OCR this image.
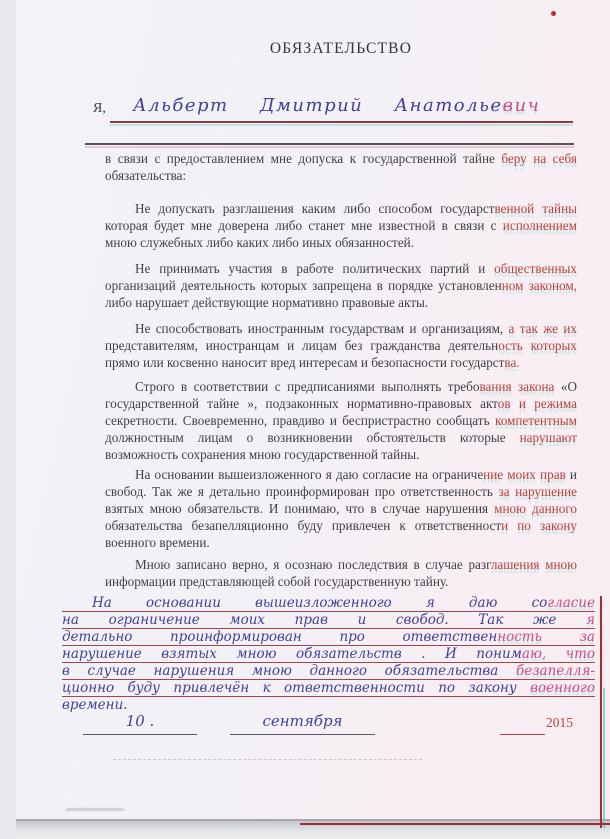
ОБЯЗАТЕЛЬСТВО
Я, Альберт Дмитрий Анатольевич
в связи с предоставлением мне допуска к государственной тайне беру на себя обязательства:
Не допускать разглашения каким либо способом государственной тайны которая будет мне доверена либо станет мне известной в связи с исполнением мною служебных либо каких либо иных обязанностей.
Не принимать участия в работе политических партий и общественных организаций деятельность которых запрещена в порядке установленном законом, либо нарушает действующие нормативно правовые акты.
Не способствовать иностранным государствам и организациям, а так же их представителям, иностранцам и лицам без гражданства деятельность которых прямо или косвенно наносит вред интересам и безопасности государства.
Строго в соответствии с предписаниями выполнять требования закона «О государственной тайне », подзаконных нормативно-правовых актов и режима секретности. Своевременно, правдиво и беспристрастно сообщать компетентным должностным лицам о возникновении обстоятельств которые нарушают возможность сохранения мною государственной тайны.
На основании вышеизложенного я даю согласие на ограничение моих прав и свобод. Так же я детально проинформирован про ответственность за нарушение взятых мною обязательств. И понимаю, что в случае нарушения мною данного обязательства безапелляционно буду привлечен к ответственности по закону военного времени.
Мною записано верно, я осознаю последствия в случае разглашения мною информации представляющей собой государственную тайну.
На основании вышеизложенного я даю согласие
на ограничение моих прав и свобод. Так же я
детально проинформирован про ответственность за
нарушение взятых мною обязательств . И понимаю, что
в случае нарушения мною данного обязательства безапелля-
ционно буду привлечён к ответственности по закону военного
времени.
10 .	сентября	2015
